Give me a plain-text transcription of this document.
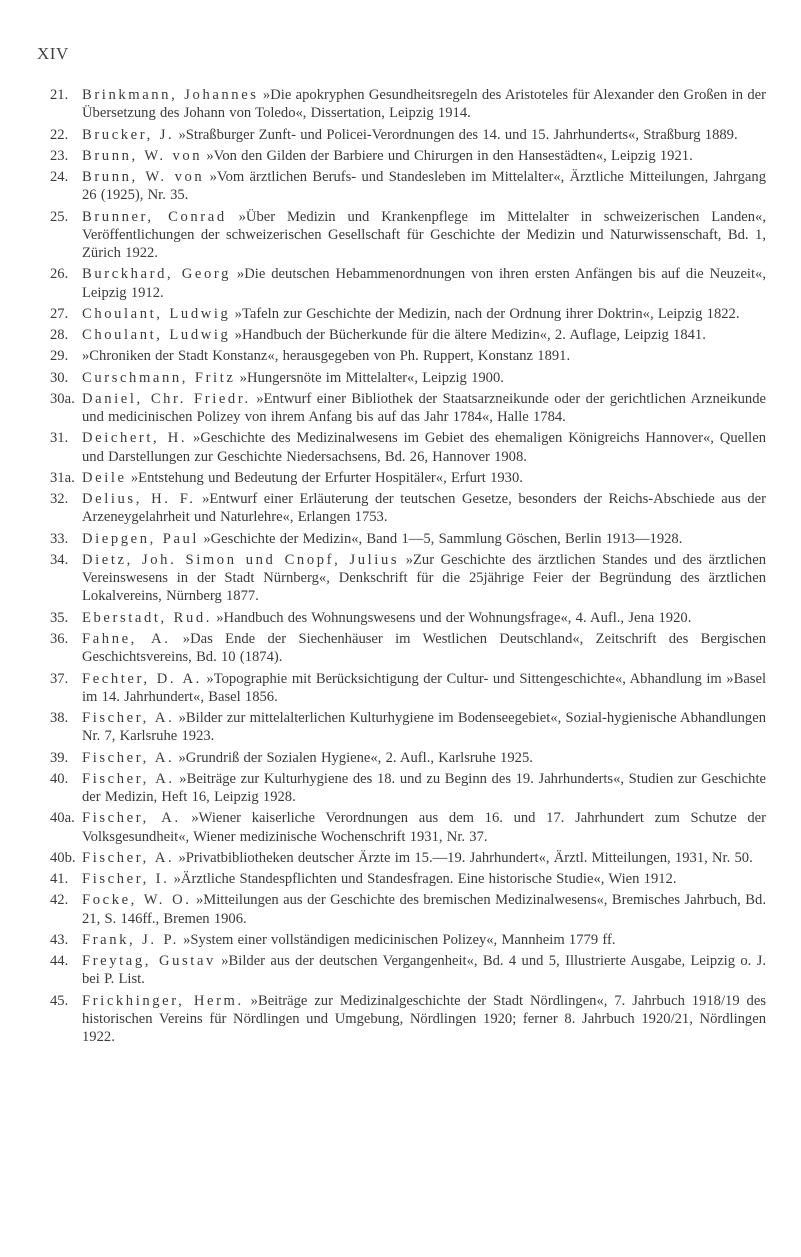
XIV
21. Brinkmann, Johannes »Die apokryphen Gesundheitsregeln des Aristoteles für Alexander den Großen in der Übersetzung des Johann von Toledo«, Dissertation, Leipzig 1914.
22. Brucker, J. »Straßburger Zunft- und Policei-Verordnungen des 14. und 15. Jahrhunderts«, Straßburg 1889.
23. Brunn, W. von »Von den Gilden der Barbiere und Chirurgen in den Hansestädten«, Leipzig 1921.
24. Brunn, W. von »Vom ärztlichen Berufs- und Standesleben im Mittelalter«, Ärztliche Mitteilungen, Jahrgang 26 (1925), Nr. 35.
25. Brunner, Conrad »Über Medizin und Krankenpflege im Mittelalter in schweizerischen Landen«, Veröffentlichungen der schweizerischen Gesellschaft für Geschichte der Medizin und Naturwissenschaft, Bd. 1, Zürich 1922.
26. Burckhard, Georg »Die deutschen Hebammenordnungen von ihren ersten Anfängen bis auf die Neuzeit«, Leipzig 1912.
27. Choulant, Ludwig »Tafeln zur Geschichte der Medizin, nach der Ordnung ihrer Doktrin«, Leipzig 1822.
28. Choulant, Ludwig »Handbuch der Bücherkunde für die ältere Medizin«, 2. Auflage, Leipzig 1841.
29. »Chroniken der Stadt Konstanz«, herausgegeben von Ph. Ruppert, Konstanz 1891.
30. Curschmann, Fritz »Hungersnöte im Mittelalter«, Leipzig 1900.
30a. Daniel, Chr. Friedr. »Entwurf einer Bibliothek der Staatsarzneikunde oder der gerichtlichen Arzneikunde und medicinischen Polizey von ihrem Anfang bis auf das Jahr 1784«, Halle 1784.
31. Deichert, H. »Geschichte des Medizinalwesens im Gebiet des ehemaligen Königreichs Hannover«, Quellen und Darstellungen zur Geschichte Niedersachsens, Bd. 26, Hannover 1908.
31a. Deile »Entstehung und Bedeutung der Erfurter Hospitäler«, Erfurt 1930.
32. Delius, H. F. »Entwurf einer Erläuterung der teutschen Gesetze, besonders der Reichs-Abschiede aus der Arzeneygelahrheit und Naturlehre«, Erlangen 1753.
33. Diepgen, Paul »Geschichte der Medizin«, Band 1—5, Sammlung Göschen, Berlin 1913—1928.
34. Dietz, Joh. Simon und Cnopf, Julius »Zur Geschichte des ärztlichen Standes und des ärztlichen Vereinswesens in der Stadt Nürnberg«, Denkschrift für die 25jährige Feier der Begründung des ärztlichen Lokalvereins, Nürnberg 1877.
35. Eberstadt, Rud. »Handbuch des Wohnungswesens und der Wohnungsfrage«, 4. Aufl., Jena 1920.
36. Fahne, A. »Das Ende der Siechenhäuser im Westlichen Deutschland«, Zeitschrift des Bergischen Geschichtsvereins, Bd. 10 (1874).
37. Fechter, D. A. »Topographie mit Berücksichtigung der Cultur- und Sittengeschichte«, Abhandlung im »Basel im 14. Jahrhundert«, Basel 1856.
38. Fischer, A. »Bilder zur mittelalterlichen Kulturhygiene im Bodenseegebiet«, Sozial-hygienische Abhandlungen Nr. 7, Karlsruhe 1923.
39. Fischer, A. »Grundriß der Sozialen Hygiene«, 2. Aufl., Karlsruhe 1925.
40. Fischer, A. »Beiträge zur Kulturhygiene des 18. und zu Beginn des 19. Jahrhunderts«, Studien zur Geschichte der Medizin, Heft 16, Leipzig 1928.
40a. Fischer, A. »Wiener kaiserliche Verordnungen aus dem 16. und 17. Jahrhundert zum Schutze der Volksgesundheit«, Wiener medizinische Wochenschrift 1931, Nr. 37.
40b. Fischer, A. »Privatbibliotheken deutscher Ärzte im 15.—19. Jahrhundert«, Ärztl. Mitteilungen, 1931, Nr. 50.
41. Fischer, I. »Ärztliche Standespflichten und Standesfragen. Eine historische Studie«, Wien 1912.
42. Focke, W. O. »Mitteilungen aus der Geschichte des bremischen Medizinalwesens«, Bremisches Jahrbuch, Bd. 21, S. 146ff., Bremen 1906.
43. Frank, J. P. »System einer vollständigen medicinischen Polizey«, Mannheim 1779 ff.
44. Freytag, Gustav »Bilder aus der deutschen Vergangenheit«, Bd. 4 und 5, Illustrierte Ausgabe, Leipzig o. J. bei P. List.
45. Frickhinger, Herm. »Beiträge zur Medizinalgeschichte der Stadt Nördlingen«, 7. Jahrbuch 1918/19 des historischen Vereins für Nördlingen und Umgebung, Nördlingen 1920; ferner 8. Jahrbuch 1920/21, Nördlingen 1922.
